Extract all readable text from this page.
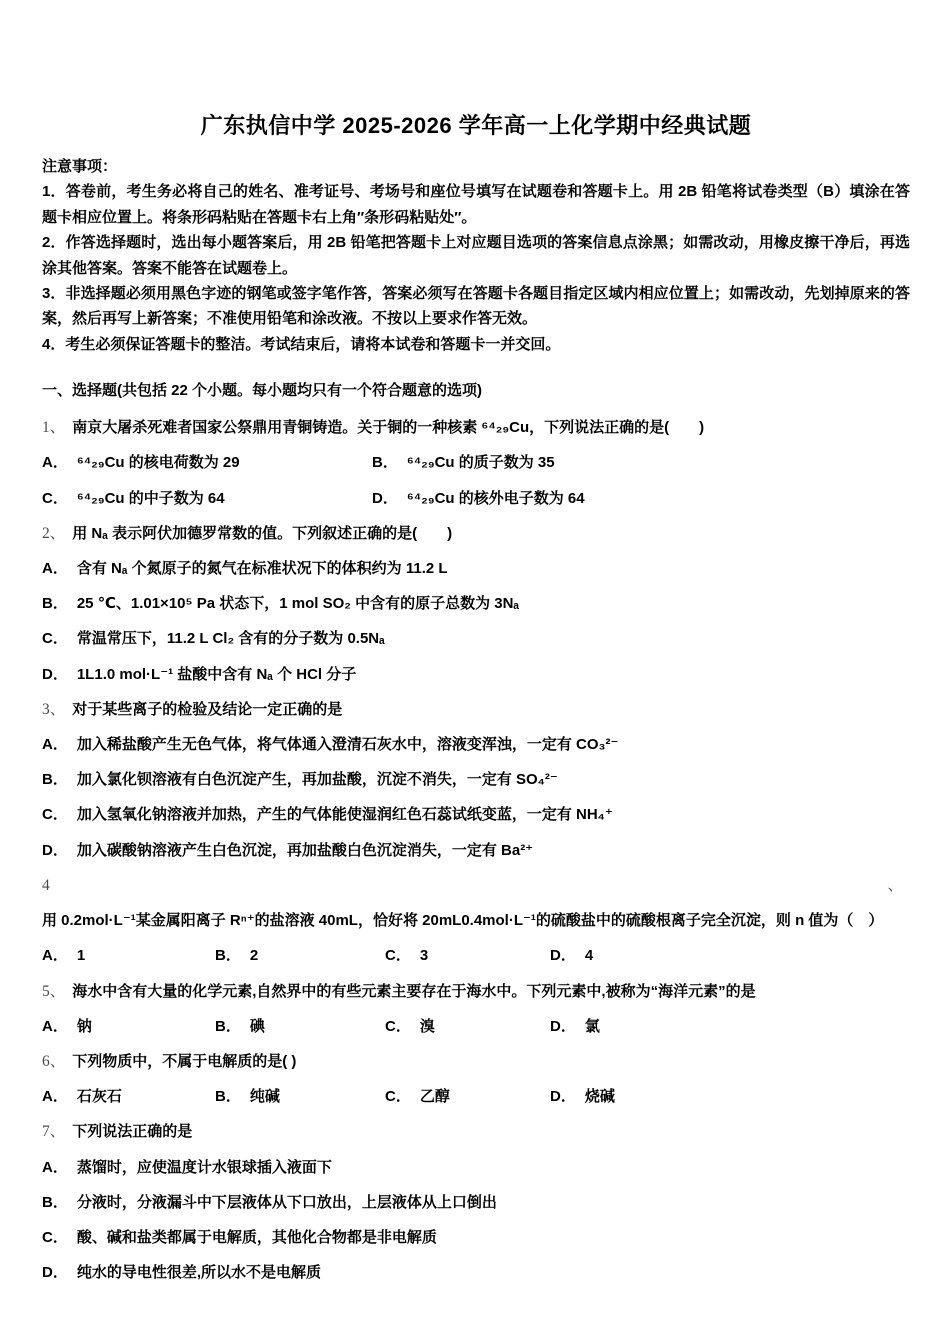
广东执信中学 2025-2026 学年高一上化学期中经典试题

注意事项：

1．答卷前，考生务必将自己的姓名、准考证号、考场号和座位号填写在试题卷和答题卡上。用 2B 铅笔将试卷类型（B）填涂在答题卡相应位置上。将条形码粘贴在答题卡右上角″条形码粘贴处″。

2．作答选择题时，选出每小题答案后，用 2B 铅笔把答题卡上对应题目选项的答案信息点涂黑；如需改动，用橡皮擦干净后，再选涂其他答案。答案不能答在试题卷上。

3．非选择题必须用黑色字迹的钢笔或签字笔作答，答案必须写在答题卡各题目指定区域内相应位置上；如需改动，先划掉原来的答案，然后再写上新答案；不准使用铅笔和涂改液。不按以上要求作答无效。

4．考生必须保证答题卡的整洁。考试结束后，请将本试卷和答题卡一并交回。

一、选择题(共包括 22 个小题。每小题均只有一个符合题意的选项)

1、 南京大屠杀死难者国家公祭鼎用青铜铸造。关于铜的一种核素 ⁶⁴₂₉Cu，下列说法正确的是(　　)

A． ⁶⁴₂₉Cu 的核电荷数为 29	B． ⁶⁴₂₉Cu 的质子数为 35

C． ⁶⁴₂₉Cu 的中子数为 64	D． ⁶⁴₂₉Cu 的核外电子数为 64

2、 用 Nₐ 表示阿伏加德罗常数的值。下列叙述正确的是(　　)

A． 含有 Nₐ 个氮原子的氮气在标准状况下的体积约为 11.2 L

B． 25 ℃、1.01×10⁵ Pa 状态下，1 mol SO₂ 中含有的原子总数为 3Nₐ

C． 常温常压下，11.2 L Cl₂ 含有的分子数为 0.5Nₐ

D． 1L1.0 mol·L⁻¹ 盐酸中含有 Nₐ 个 HCl 分子

3、 对于某些离子的检验及结论一定正确的是

A． 加入稀盐酸产生无色气体，将气体通入澄清石灰水中，溶液变浑浊，一定有 CO₃²⁻

B． 加入氯化钡溶液有白色沉淀产生，再加盐酸，沉淀不消失，一定有 SO₄²⁻

C． 加入氢氧化钠溶液并加热，产生的气体能使湿润红色石蕊试纸变蓝，一定有 NH₄⁺

D． 加入碳酸钠溶液产生白色沉淀，再加盐酸白色沉淀消失，一定有 Ba²⁺

4、用 0.2mol·L⁻¹某金属阳离子 Rⁿ⁺的盐溶液 40mL，恰好将 20mL0.4mol·L⁻¹的硫酸盐中的硫酸根离子完全沉淀，则 n 值为（　）

A． 1	B． 2	C． 3	D． 4

5、 海水中含有大量的化学元素,自然界中的有些元素主要存在于海水中。下列元素中,被称为“海洋元素”的是

A． 钠	B． 碘	C． 溴	D． 氯

6、 下列物质中，不属于电解质的是( )

A． 石灰石	B． 纯碱	C． 乙醇	D． 烧碱

7、 下列说法正确的是

A． 蒸馏时，应使温度计水银球插入液面下

B． 分液时，分液漏斗中下层液体从下口放出，上层液体从上口倒出

C． 酸、碱和盐类都属于电解质，其他化合物都是非电解质

D． 纯水的导电性很差,所以水不是电解质
